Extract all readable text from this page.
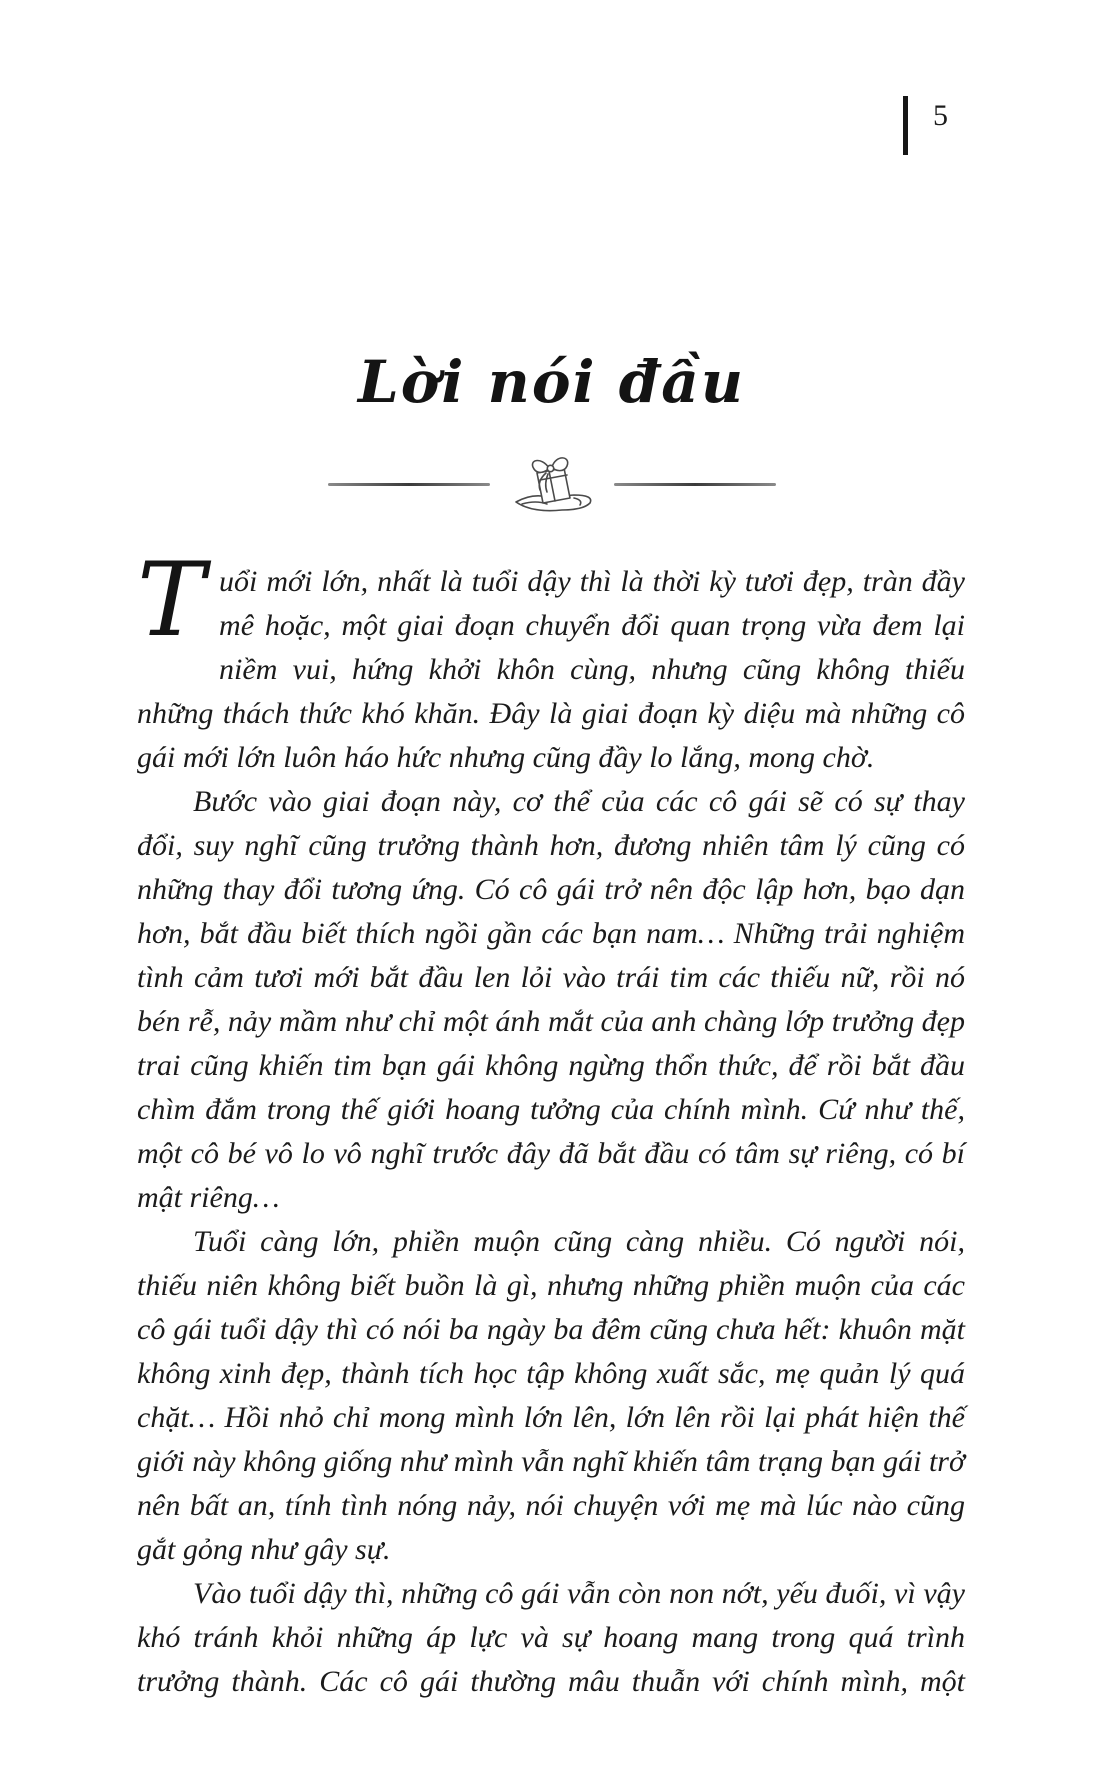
5
Lời nói đầu

Tuổi mới lớn, nhất là tuổi dậy thì là thời kỳ tươi đẹp, tràn đầy mê hoặc, một giai đoạn chuyển đổi quan trọng vừa đem lại niềm vui, hứng khởi khôn cùng, nhưng cũng không thiếu những thách thức khó khăn. Đây là giai đoạn kỳ diệu mà những cô gái mới lớn luôn háo hức nhưng cũng đầy lo lắng, mong chờ.

Bước vào giai đoạn này, cơ thể của các cô gái sẽ có sự thay đổi, suy nghĩ cũng trưởng thành hơn, đương nhiên tâm lý cũng có những thay đổi tương ứng. Có cô gái trở nên độc lập hơn, bạo dạn hơn, bắt đầu biết thích ngồi gần các bạn nam… Những trải nghiệm tình cảm tươi mới bắt đầu len lỏi vào trái tim các thiếu nữ, rồi nó bén rễ, nảy mầm như chỉ một ánh mắt của anh chàng lớp trưởng đẹp trai cũng khiến tim bạn gái không ngừng thổn thức, để rồi bắt đầu chìm đắm trong thế giới hoang tưởng của chính mình. Cứ như thế, một cô bé vô lo vô nghĩ trước đây đã bắt đầu có tâm sự riêng, có bí mật riêng…

Tuổi càng lớn, phiền muộn cũng càng nhiều. Có người nói, thiếu niên không biết buồn là gì, nhưng những phiền muộn của các cô gái tuổi dậy thì có nói ba ngày ba đêm cũng chưa hết: khuôn mặt không xinh đẹp, thành tích học tập không xuất sắc, mẹ quản lý quá chặt… Hồi nhỏ chỉ mong mình lớn lên, lớn lên rồi lại phát hiện thế giới này không giống như mình vẫn nghĩ khiến tâm trạng bạn gái trở nên bất an, tính tình nóng nảy, nói chuyện với mẹ mà lúc nào cũng gắt gỏng như gây sự.

Vào tuổi dậy thì, những cô gái vẫn còn non nớt, yếu đuối, vì vậy khó tránh khỏi những áp lực và sự hoang mang trong quá trình trưởng thành. Các cô gái thường mâu thuẫn với chính mình, một
